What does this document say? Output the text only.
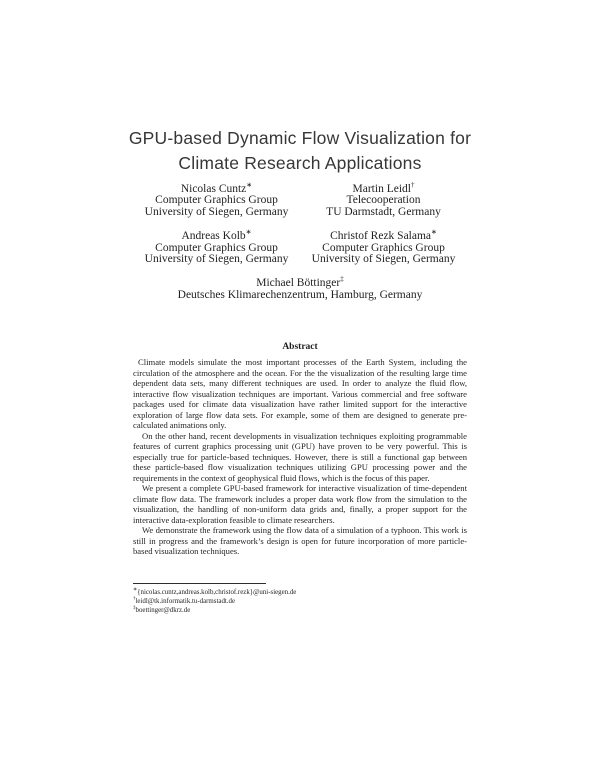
GPU-based Dynamic Flow Visualization for
Climate Research Applications
Nicolas Cuntz∗
Computer Graphics Group
University of Siegen, Germany
Martin Leidl†
Telecooperation
TU Darmstadt, Germany
Andreas Kolb∗
Computer Graphics Group
University of Siegen, Germany
Christof Rezk Salama∗
Computer Graphics Group
University of Siegen, Germany
Michael Böttinger‡
Deutsches Klimarechenzentrum, Hamburg, Germany
Abstract

Climate models simulate the most important processes of the Earth System, including the circulation of the atmosphere and the ocean. For the the visualization of the resulting large time dependent data sets, many different techniques are used. In order to analyze the fluid flow, interactive flow visualization techniques are important. Various commercial and free software packages used for climate data visualization have rather limited support for the interactive exploration of large flow data sets. For example, some of them are designed to generate pre-calculated animations only.

On the other hand, recent developments in visualization techniques exploiting programmable features of current graphics processing unit (GPU) have proven to be very powerful. This is especially true for particle-based techniques. However, there is still a functional gap between these particle-based flow visualization techniques utilizing GPU processing power and the requirements in the context of geophysical fluid flows, which is the focus of this paper.

We present a complete GPU-based framework for interactive visualization of time-dependent climate flow data. The framework includes a proper data work flow from the simulation to the visualization, the handling of non-uniform data grids and, finally, a proper support for the interactive data-exploration feasible to climate researchers.

We demonstrate the framework using the flow data of a simulation of a typhoon. This work is still in progress and the framework’s design is open for future incorporation of more particle-based visualization techniques.

∗{nicolas.cuntz,andreas.kolb,christof.rezk}@uni-siegen.de
†leidl@tk.informatik.tu-darmstadt.de
‡boettinger@dkrz.de
